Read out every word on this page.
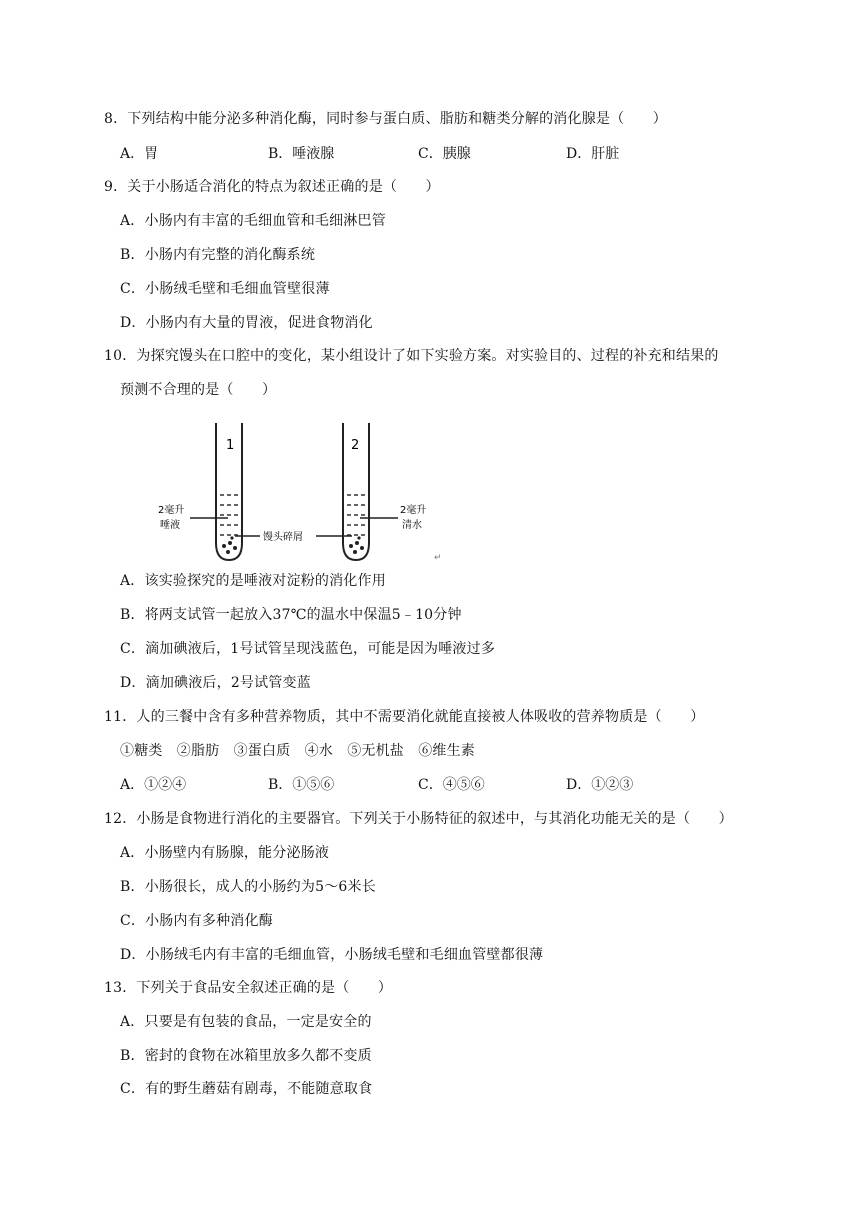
8．下列结构中能分泌多种消化酶，同时参与蛋白质、脂肪和糖类分解的消化腺是（　　）
A．胃	B．唾液腺	C．胰腺	D．肝脏
9．关于小肠适合消化的特点为叙述正确的是（　　）
A．小肠内有丰富的毛细血管和毛细淋巴管
B．小肠内有完整的消化酶系统
C．小肠绒毛壁和毛细血管壁很薄
D．小肠内有大量的胃液，促进食物消化
10．为探究馒头在口腔中的变化，某小组设计了如下实验方案。对实验目的、过程的补充和结果的
预测不合理的是（　　）
1	2
2毫升
唾液
馒头碎屑
2毫升
清水
↵
A．该实验探究的是唾液对淀粉的消化作用
B．将两支试管一起放入37℃的温水中保温5﹣10分钟
C．滴加碘液后，1号试管呈现浅蓝色，可能是因为唾液过多
D．滴加碘液后，2号试管变蓝
11．人的三餐中含有多种营养物质，其中不需要消化就能直接被人体吸收的营养物质是（　　）
①糖类　②脂肪　③蛋白质　④水　⑤无机盐　⑥维生素
A．①②④	B．①⑤⑥	C．④⑤⑥	D．①②③
12．小肠是食物进行消化的主要器官。下列关于小肠特征的叙述中，与其消化功能无关的是（　　）
A．小肠壁内有肠腺，能分泌肠液
B．小肠很长，成人的小肠约为5～6米长
C．小肠内有多种消化酶
D．小肠绒毛内有丰富的毛细血管，小肠绒毛壁和毛细血管壁都很薄
13．下列关于食品安全叙述正确的是（　　）
A．只要是有包装的食品，一定是安全的
B．密封的食物在冰箱里放多久都不变质
C．有的野生蘑菇有剧毒，不能随意取食
